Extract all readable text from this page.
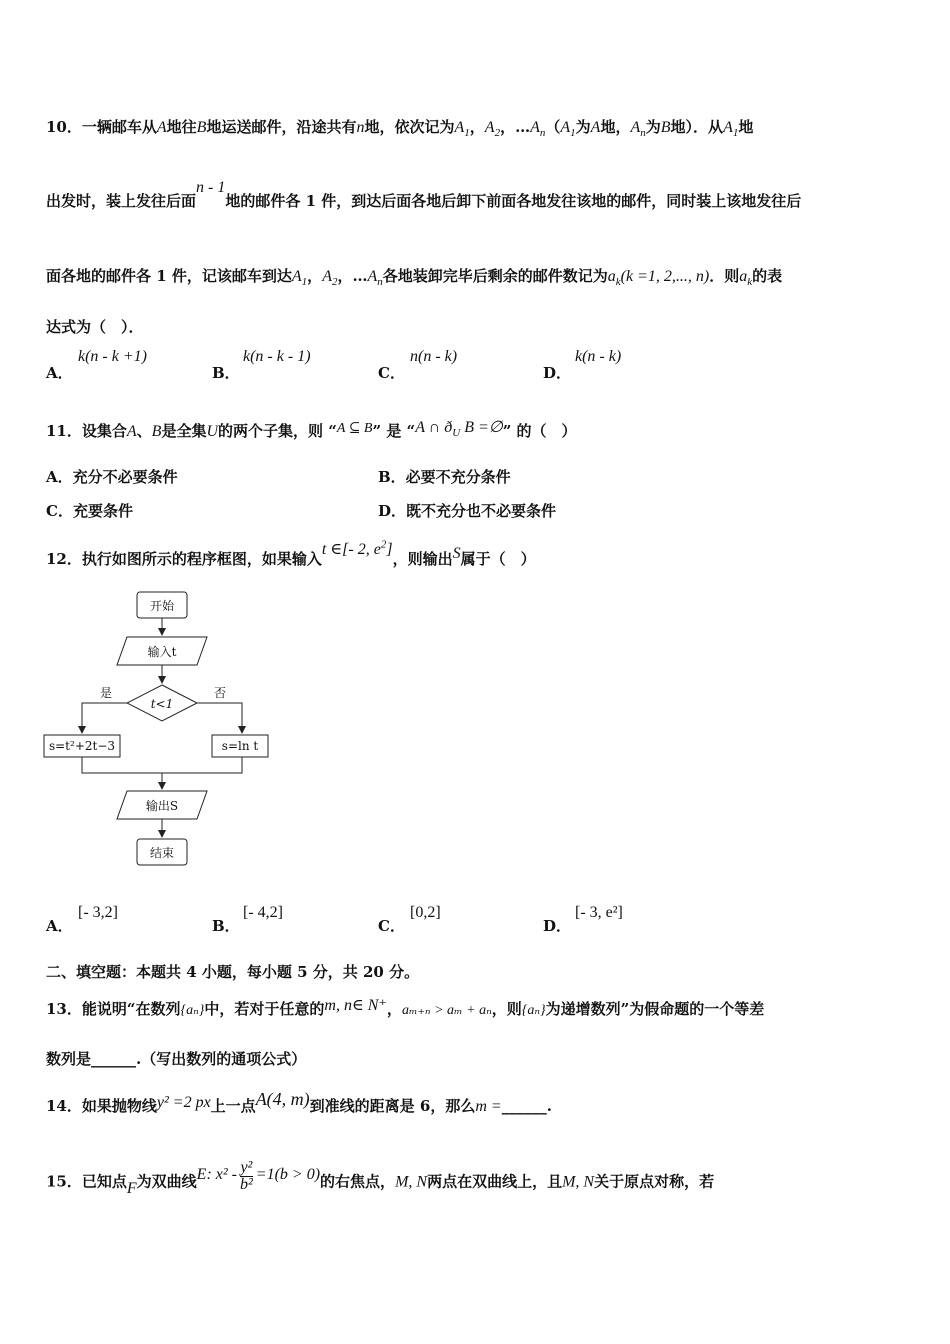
10．一辆邮车从A地往B地运送邮件，沿途共有n地，依次记为$A_1$，$A_2$，$\dots A_n(A_1$为A地，$A_n$为B地）．从$A_1$地
出发时，装上发往后面n - 1地的邮件各 1 件，到达后面各地后卸下前面各地发往该地的邮件，同时装上该地发往后
面各地的邮件各 1 件，记该邮车到达$A_1$，$A_2$，$\dots A_n$各地装卸完毕后剩余的邮件数记为$a_k(k =1$, 2,..., n)．则$a_k$的表
达式为（　）．
A．
k(n - k +1)
B．
k(n - k - 1)
C．
n(n - k)
D．
k(n - k)
11．设集合A、B是全集U的两个子集，则 “A ⊆ B” 是 “A ∩ $ð_U$ B =∅” 的（　）
A．充分不必要条件	B．必要不充分条件
C．充要条件	D．既不充分也不必要条件
12．执行如图所示的程序框图，如果输入t ∈[- 2, $e^2$]，则输出S属于（　）
开始
输入t
t<1
是	否
s=t²+2t−3	s=ln t
输出S
结束
A．
[- 3,2]
B．
[- 4,2]
C．
[0,2]
D．
[- 3, e²]
二、填空题：本题共 4 小题，每小题 5 分，共 20 分。
13．能说明“在数列{aₙ}中，若对于任意的m, n∈ N⁺，aₘ₊ₙ > aₘ + aₙ，则{aₙ}为递增数列”为假命题的一个等差
数列是______.（写出数列的通项公式）
14．如果抛物线y² =2 px上一点A(4, m)到准线的距离是 6，那么m =______.
15．已知点F为双曲线E: $x^2 - \frac{\text{y²}}{\text{b²}} =1(b > 0)$的右焦点，M, N两点在双曲线上，且M, N关于原点对称，若
